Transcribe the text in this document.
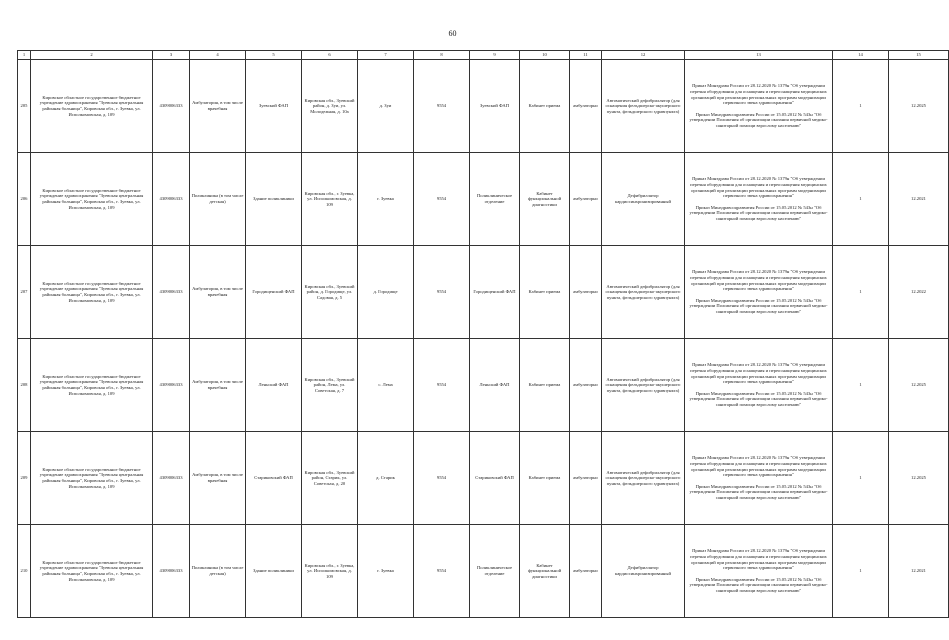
60
1	2	3	4	5	6	7	8	9	10	11	12	13	14	15
205	Кировское областное государственное бюджетное учреждение здравоохранения "Зуевская центральная районная больница", Кировская обл., г. Зуевка, ул. Исполкомовская, д. 109	4309006333	Амбулатория, в том числе врачебная	Зуевский ФАП	Кировская обл., Зуевский район, д. Зуи, ул. Молодежная, д. 10а	д. Зуи	9554	Зуевский ФАП	Кабинет приема	амбулаторно	Автоматический дефибриллятор (для оснащения фельдшерско-акушерского пункта, фельдшерского здравпункта)	Приказ Минздрава России от 28.12.2020 № 1379н "Об утверждении перечня оборудования для оснащения и переоснащения медицинских организаций при реализации региональных программ модернизации первичного звена здравоохранения"

Приказ Минздравсоцразвития России от 15.05.2012 № 543н "Об утверждении Положения об организации оказания первичной медико-санитарной помощи взрослому населению"	1	12.2025
206	Кировское областное государственное бюджетное учреждение здравоохранения "Зуевская центральная районная больница", Кировская обл., г. Зуевка, ул. Исполкомовская, д. 109	4309006333	Поликлиника (в том числе детская)	Здание поликлиники	Кировская обл., г. Зуевка, ул. Исполкомовская, д. 109	г. Зуевка	9554	Поликлиническое отделение	Кабинет функциональной диагностики	амбулаторно	Дефибриллятор кардиосинхронизированный	Приказ Минздрава России от 28.12.2020 № 1379н "Об утверждении перечня оборудования для оснащения и переоснащения медицинских организаций при реализации региональных программ модернизации первичного звена здравоохранения"

Приказ Минздравсоцразвития России от 15.05.2012 № 543н "Об утверждении Положения об организации оказания первичной медико-санитарной помощи взрослому населению"	1	12.2021
207	Кировское областное государственное бюджетное учреждение здравоохранения "Зуевская центральная районная больница", Кировская обл., г. Зуевка, ул. Исполкомовская, д. 109	4309006333	Амбулатория, в том числе врачебная	Городищенский ФАП	Кировская обл., Зуевский район, д. Городище, ул. Садовая, д. 5	д. Городище	9554	Городищенский ФАП	Кабинет приема	амбулаторно	Автоматический дефибриллятор (для оснащения фельдшерско-акушерского пункта, фельдшерского здравпункта)	Приказ Минздрава России от 28.12.2020 № 1379н "Об утверждении перечня оборудования для оснащения и переоснащения медицинских организаций при реализации региональных программ модернизации первичного звена здравоохранения"

Приказ Минздравсоцразвития России от 15.05.2012 № 543н "Об утверждении Положения об организации оказания первичной медико-санитарной помощи взрослому населению"	1	12.2022
208	Кировское областное государственное бюджетное учреждение здравоохранения "Зуевская центральная районная больница", Кировская обл., г. Зуевка, ул. Исполкомовская, д. 109	4309006333	Амбулатория, в том числе врачебная	Леньский ФАП	Кировская обл., Зуевский район, Лема, ул. Советская, д. 7	с. Лема	9554	Леньский ФАП	Кабинет приема	амбулаторно	Автоматический дефибриллятор (для оснащения фельдшерско-акушерского пункта, фельдшерского здравпункта)	Приказ Минздрава России от 28.12.2020 № 1379н "Об утверждении перечня оборудования для оснащения и переоснащения медицинских организаций при реализации региональных программ модернизации первичного звена здравоохранения"

Приказ Минздравсоцразвития России от 15.05.2012 № 543н "Об утверждении Положения об организации оказания первичной медико-санитарной помощи взрослому населению"	1	12.2025
209	Кировское областное государственное бюджетное учреждение здравоохранения "Зуевская центральная районная больница", Кировская обл., г. Зуевка, ул. Исполкомовская, д. 109	4309006333	Амбулатория, в том числе врачебная	Стариковский ФАП	Кировская обл., Зуевский район, Старик, ул. Советская, д. 20	д. Старик	9554	Стариковский ФАП	Кабинет приема	амбулаторно	Автоматический дефибриллятор (для оснащения фельдшерско-акушерского пункта, фельдшерского здравпункта)	Приказ Минздрава России от 28.12.2020 № 1379н "Об утверждении перечня оборудования для оснащения и переоснащения медицинских организаций при реализации региональных программ модернизации первичного звена здравоохранения"

Приказ Минздравсоцразвития России от 15.05.2012 № 543н "Об утверждении Положения об организации оказания первичной медико-санитарной помощи взрослому населению"	1	12.2025
210	Кировское областное государственное бюджетное учреждение здравоохранения "Зуевская центральная районная больница", Кировская обл., г. Зуевка, ул. Исполкомовская, д. 109	4309006333	Поликлиника (в том числе детская)	Здание поликлиники	Кировская обл., г. Зуевка, ул. Исполкомовская, д. 109	г. Зуевка	9554	Поликлиническое отделение	Кабинет функциональной диагностики	амбулаторно	Дефибриллятор кардиосинхронизированный	Приказ Минздрава России от 28.12.2020 № 1379н "Об утверждении перечня оборудования для оснащения и переоснащения медицинских организаций при реализации региональных программ модернизации первичного звена здравоохранения"

Приказ Минздравсоцразвития России от 15.05.2012 № 543н "Об утверждении Положения об организации оказания первичной медико-санитарной помощи взрослому населению"	1	12.2021
